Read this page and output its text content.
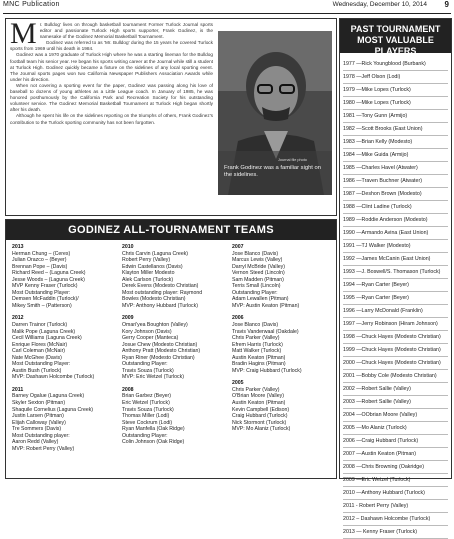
MNC Publication	Wednesday, December 10, 2014 9

Mr. Bulldog' lives on through basketball tournament Former Turlock Journal sports editor and passionate Turlock High sports supporter, Frank Godinez, is the namesake of the Godinez Memorial Basketball Tournament.

Godinez was referred to as 'Mr. Bulldog' during the 15 years he covered Turlock sports from 1969 until his death in 1984.

Godinez was a 1970 graduate of Turlock High where he was a starting lineman for the Bulldog football team his senior year. He began his sports writing career at the Journal while still a student at Turlock High. Godinez quickly became a fixture on the sidelines of any local sporting event. The Journal sports pages won two California Newspaper Publishers Association Awards while under his direction.

When not covering a sporting event for the paper, Godinez was passing along his love of baseball to dozens of young athletes as a Little League coach. In January of 1985, he was honored posthumously by the California Park and Recreation Society for his outstanding volunteer service. The Godinez Memorial Basketball Tournament at Turlock High began shortly after his death.

Although he spent his life on the sidelines reporting on the triumphs of others, Frank Godinez's contribution to the Turlock sporting community has not been forgotten.

Journal file photo
Frank Godinez was a familiar sight on the sidelines.
GODINEZ ALL-TOURNAMENT TEAMS
2013
Herman Chung – (Ceres)
Julian Orazco – (Beyer)
Brennan Pope – (Davis)
Richard Reed – (Laguna Creek)
Jesse Woods – (Laguna Creek)
MVP Kenny Fraser (Turlock)
Most Outstanding Player:
Demsen McFaddin (Turlock)/
Mikey Smith – (Patterson)
2012
Darren Trainor (Turlock)
Malik Pope (Laguna Creek)
Cecil Williams (Laguna Creek)
Enrique Flores (McNair)
Carl Coleman (McNair)
Nate McGhee (Davis)
Most Outstanding Player:
Austin Bush (Turlock)
MVP: Dashawn Holcombe (Turlock)
2011
Barney Ogalue (Laguna Creek)
Skyler Sexton (Pitman)
Shaquile Cornelius (Laguna Creek)
Justin Larsen (Pitman)
Elijah Calloway (Valley)
Tre Sommers (Davis)
Most Outstanding player:
Aaron Redd (Valley)
MVP: Robert Perry (Valley)
2010
Chris Carvin (Laguna Creek)
Robert Perry (Valley)
Edwin Castellanos (Davis)
Klayton Miller Modesto
Alek Carlson (Turlock)
Derek Evens (Modesto Christian)
Most outstanding player: Raymond
Bowles (Modesto Christian)
MVP: Anthony Hubbard (Turlock)
2009
Omari'yea Boughton (Valley)
Kory Johnson (Davis)
Gerry Cooper (Manteca)
Josue Chew (Modesto Christian)
Anthony Pratt (Modesto Christian)
Ryan Riner (Modesto Christian)
Outstanding Player:
Travis Souza (Turlock)
MVP: Eric Wetzel (Turlock)
2008
Brian Garbez (Beyer)
Eric Wetzel (Turlock)
Travis Souza (Turlock)
Thomas Miller (Lodi)
Steve Cockrum (Lodi)
Ryan Manfella (Oak Ridge)
Outstanding Player:
Colin Johnson (Oak Ridge)
2007
Jose Blanco (Davis)
Marcus Lewis (Valley)
Darryl McBride (Valley)
Vernon Steed (Lincoln)
Sam Madden (Pitman)
Terris Small (Lincoln)
Outstanding Player:
Adam Lewallen (Pitman)
MVP: Austin Keaton (Pitman)
2006
Jose Blanco (Davis)
Travis Vanderwaal (Oakdale)
Chris Parker (Valley)
Efrem Harris (Turlock)
Matt Walker (Turlock)
Austin Keaton (Pitman)
Bradin Hagins (Pitman)
MVP: Craig Hubbard (Turlock)
2005
Chris Parker (Valley)
O'Brian Moore (Valley)
Austin Keaton (Pitman)
Kevin Campbell (Edison)
Craig Hubbard (Turlock)
Nick Stormont (Turlock)
MVP: Mo Alaniz (Turlock)
PAST TOURNAMENT
MOST VALUABLE PLAYERS
1977 —Rick Youngblood (Burbank)
1978 —Jeff Olson (Lodi)
1979 —Mike Lopes (Turlock)
1980 —Mike Lopes (Turlock)
1981 —Tony Gunn (Armijo)
1982 —Scott Brooks (East Union)
1983 —Brian Kelly (Modesto)
1984 —Mike Guida (Armijo)
1985 —Charles Havel (Atwater)
1986 —Traven Buchner (Atwater)
1987 —Deshon Brown (Modesto)
1988 —Clint Ladine (Turlock)
1989 —Roddie Anderson (Modesto)
1990 —Armando Avina (East Union)
1991 —TJ Walker (Modesto)
1992 —James McCanin (East Union)
1993 —J. Boswell/S. Thomason (Turlock)
1994 —Ryan Carter (Beyer)
1995 —Ryan Carter (Beyer)
1996 —Larry McDonald (Franklin)
1997 —Jerry Robinson (Hiram Johnson)
1998 —Chuck Hayes (Modesto Christian)
1999 —Chuck Hayes (Modesto Christian)
2000 —Chuck Hayes (Modesto Christian)
2001 —Bobby Cole (Modesto Christian)
2002 —Robert Sallie (Valley)
2003 —Robert Sallie (Valley)
2004 —OObrian Moore (Valley)
2005 —Mo Alaniz (Turlock)
2006 —Craig Hubbard (Turlock)
2007 —Austin Keaton (Pitman)
2008 —Chris Browning (Oakridge)
2009 —Eric Wetzel (Turlock)
2010 —Anthony Hubbard (Turlock)
2011 - Robert Perry (Valley)
2012 – Dashawn Holcombe (Turlock)
2013 — Kenny Fraser (Turlock)
